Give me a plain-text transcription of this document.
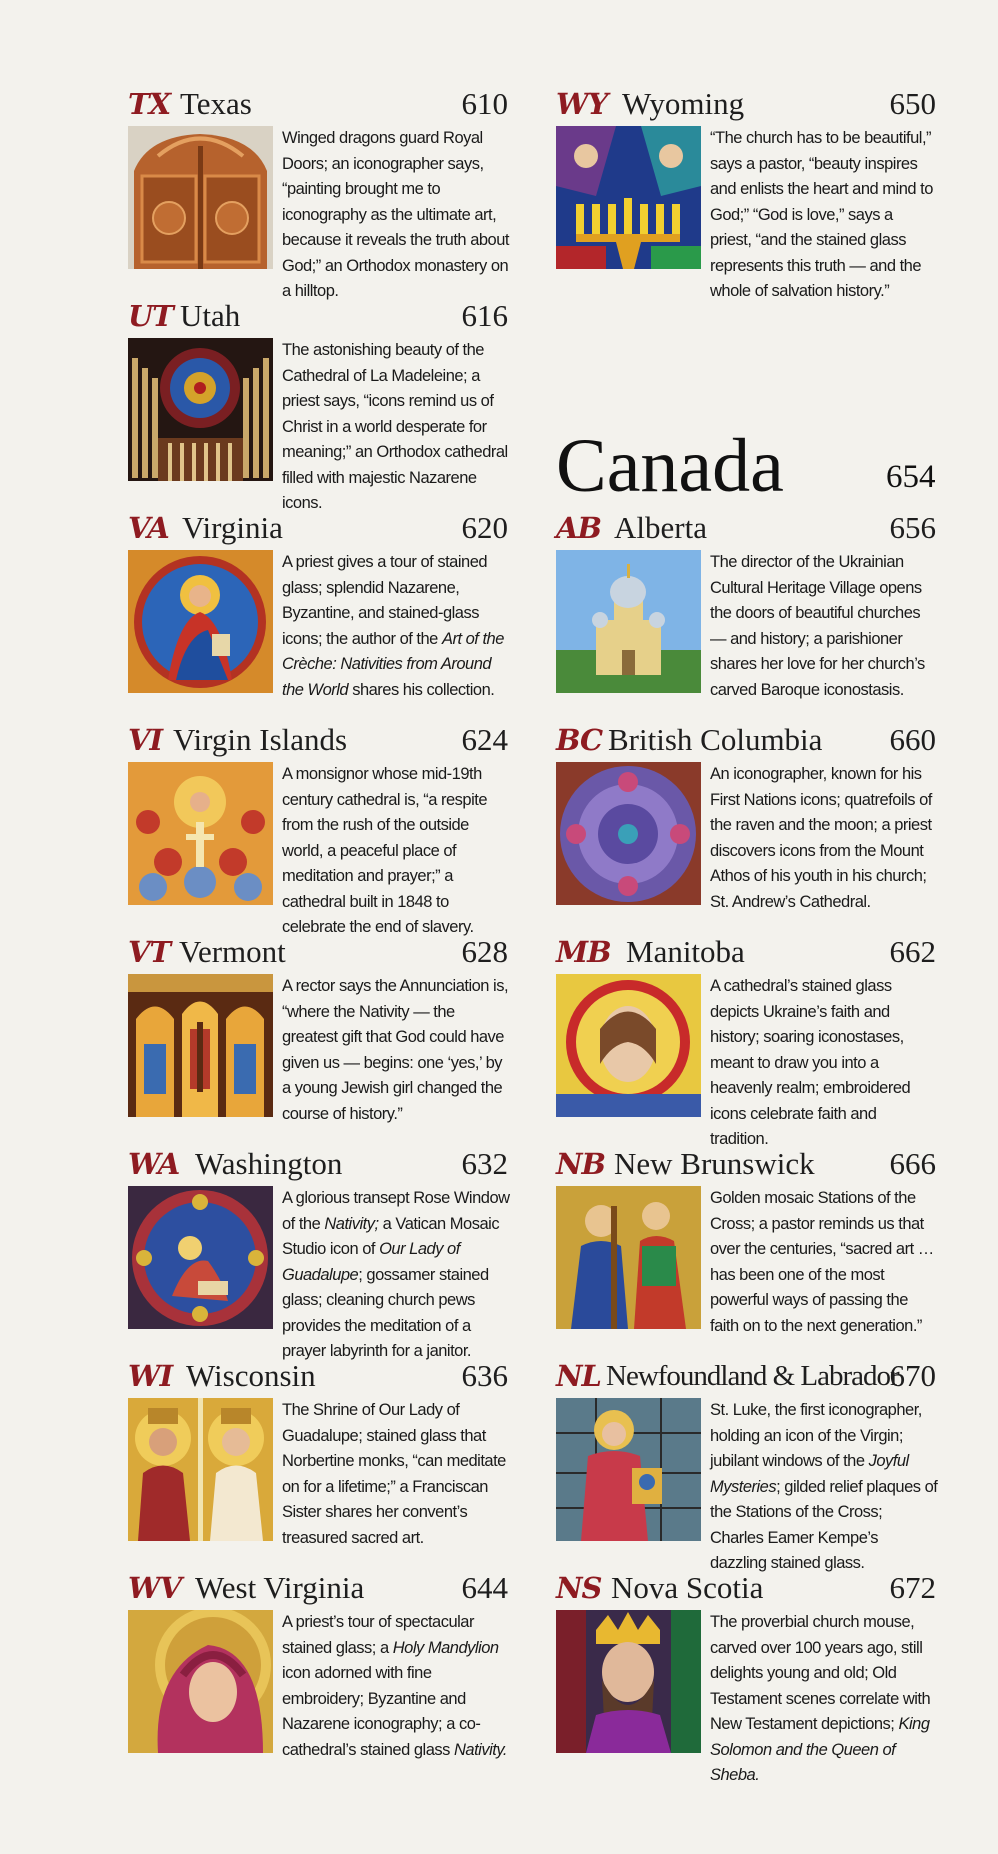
TX Texas	610
Winged dragons guard Royal Doors; an iconographer says, “painting brought me to iconography as the ultimate art, because it reveals the truth about God;” an Orthodox monastery on a hilltop.
UT Utah	616
The astonishing beauty of the Cathedral of La Madeleine; a priest says, “icons remind us of Christ in a world desperate for meaning;” an Orthodox cathedral filled with majestic Nazarene icons.
VA Virginia	620
A priest gives a tour of stained glass; splendid Nazarene, Byzantine, and stained-glass icons; the author of the Art of the Crèche: Nativities from Around the World shares his collection.
VI Virgin Islands	624
A monsignor whose mid-19th century cathedral is, “a respite from the rush of the outside world, a peaceful place of meditation and prayer;” a cathedral built in 1848 to celebrate the end of slavery.
VT Vermont	628
A rector says the Annunciation is, “where the Nativity — the greatest gift that God could have given us — begins: one ‘yes,’ by a young Jewish girl changed the course of history.”
WA Washington	632
A glorious transept Rose Window of the Nativity; a Vatican Mosaic Studio icon of Our Lady of Guadalupe; gossamer stained glass; cleaning church pews provides the meditation of a prayer labyrinth for a janitor.
WI Wisconsin	636
The Shrine of Our Lady of Guadalupe; stained glass that Norbertine monks, “can meditate on for a lifetime;” a Franciscan Sister shares her convent’s treasured sacred art.
WV West Virginia	644
A priest’s tour of spectacular stained glass; a Holy Mandylion icon adorned with fine embroidery; Byzantine and Nazarene iconography; a co-cathedral’s stained glass Nativity.
WY Wyoming	650
“The church has to be beautiful,” says a pastor, “beauty inspires and enlists the heart and mind to God;” “God is love,” says a priest, “and the stained glass represents this truth — and the whole of salvation history.”
Canada	654
AB Alberta	656
The director of the Ukrainian Cultural Heritage Village opens the doors of beautiful churches — and history; a parishioner shares her love for her church’s carved Baroque iconostasis.
BC British Columbia 660
An iconographer, known for his First Nations icons; quatrefoils of the raven and the moon; a priest discovers icons from the Mount Athos of his youth in his church; St. Andrew’s Cathedral.
MB Manitoba	662
A cathedral’s stained glass depicts Ukraine’s faith and history; soaring iconostases, meant to draw you into a heavenly realm; embroidered icons celebrate faith and tradition.
NB New Brunswick 666
Golden mosaic Stations of the Cross; a pastor reminds us that over the centuries, “sacred art … has been one of the most powerful ways of passing the faith on to the next generation.”
NL Newfoundland & Labrador
670
St. Luke, the first iconographer, holding an icon of the Virgin; jubilant windows of the Joyful Mysteries; gilded relief plaques of the Stations of the Cross; Charles Eamer Kempe’s dazzling stained glass.
NS Nova Scotia	672
The proverbial church mouse, carved over 100 years ago, still delights young and old; Old Testament scenes correlate with New Testament depictions; King Solomon and the Queen of Sheba.
